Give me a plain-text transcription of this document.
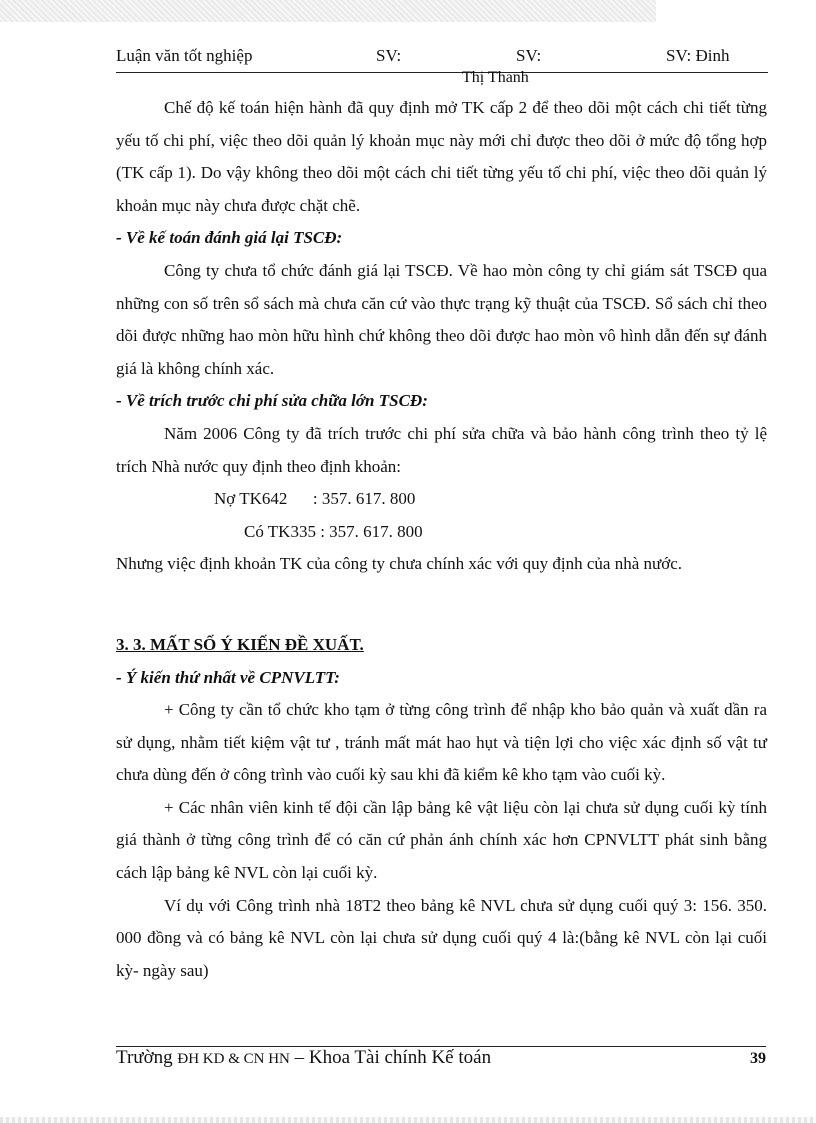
Luận văn tốt nghiệp	SV:	SV:	SV: Đinh
Thị Thanh

Chế độ kế toán hiện hành đã quy định mở TK cấp 2 để theo dõi một cách chi tiết từng yếu tố chi phí, việc theo dõi quản lý khoản mục này mới chỉ được theo dõi ở mức độ tổng hợp (TK cấp 1). Do vậy không theo dõi một cách chi tiết từng yếu tố chi phí, việc theo dõi quản lý khoản mục này chưa được chặt chẽ.

- Về kế toán đánh giá lại TSCĐ:

Công ty chưa tổ chức đánh giá lại TSCĐ. Về hao mòn công ty chỉ giám sát TSCĐ qua những con số trên sổ sách mà chưa căn cứ vào thực trạng kỹ thuật của TSCĐ. Sổ sách chỉ theo dõi được những hao mòn hữu hình chứ không theo dõi được hao mòn vô hình dẫn đến sự đánh giá là không chính xác.

- Về trích trước chi phí sửa chữa lớn TSCĐ:

Năm 2006 Công ty đã trích trước chi phí sửa chữa và bảo hành công trình theo tỷ lệ trích Nhà nước quy định theo định khoản:

Nợ TK642      : 357. 617. 800

Có TK335 : 357. 617. 800

Nhưng việc định khoản TK của công ty chưa chính xác với quy định của nhà nước.

3. 3. MẤT SỐ Ý KIẾN ĐỀ XUẤT.

- Ý kiến thứ nhất về CPNVLTT:

+ Công ty cần tổ chức kho tạm ở từng công trình để nhập kho bảo quản và xuất dần ra sử dụng, nhằm tiết kiệm vật tư , tránh mất mát hao hụt và tiện lợi cho việc xác định số vật tư chưa dùng đến ở công trình vào cuối kỳ sau khi đã kiểm kê kho tạm vào cuối kỳ.

+ Các nhân viên kinh tế đội cần lập bảng kê vật liệu còn lại chưa sử dụng cuối kỳ tính giá thành ở từng công trình để có căn cứ phản ánh chính xác hơn CPNVLTT phát sinh bằng cách lập bảng kê NVL còn lại cuối kỳ.

Ví dụ với Công trình nhà 18T2 theo bảng kê NVL chưa sử dụng cuối quý 3: 156. 350. 000 đồng và có bảng kê NVL còn lại chưa sử dụng cuối quý 4 là:(bằng kê NVL còn lại cuối kỳ- ngày sau)

Trường ĐH KD & CN HN – Khoa Tài chính Kế toán	39
